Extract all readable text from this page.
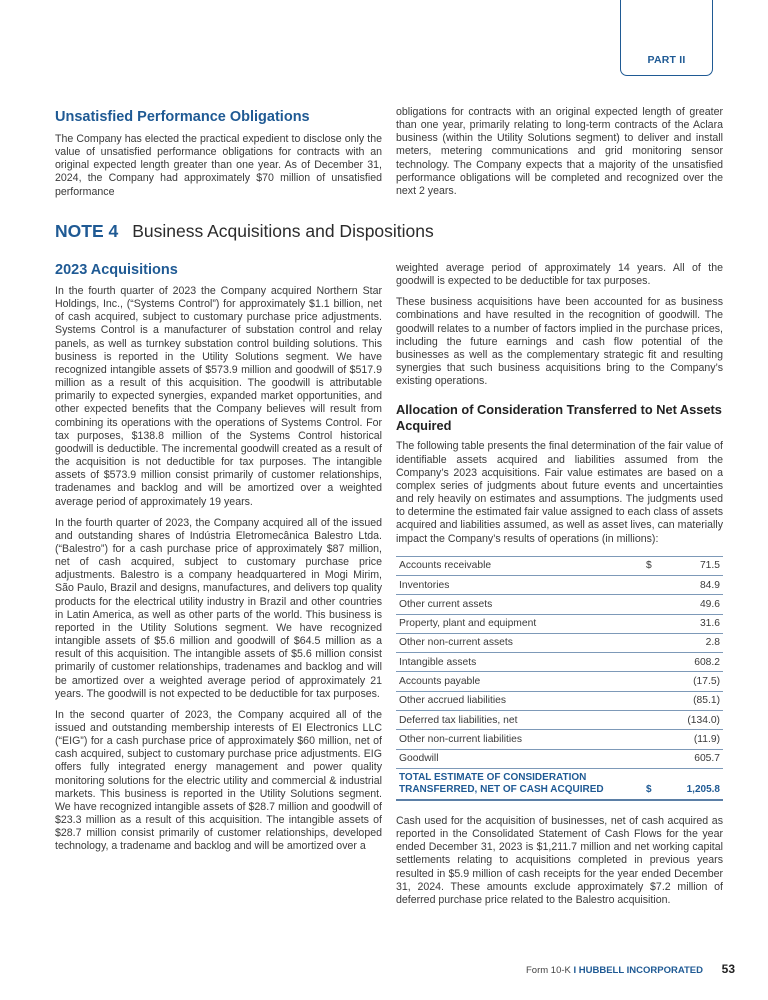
PART II
Unsatisfied Performance Obligations

The Company has elected the practical expedient to disclose only the value of unsatisfied performance obligations for contracts with an original expected length greater than one year. As of December 31, 2024, the Company had approximately $70 million of unsatisfied performance

obligations for contracts with an original expected length of greater than one year, primarily relating to long-term contracts of the Aclara business (within the Utility Solutions segment) to deliver and install meters, metering communications and grid monitoring sensor technology. The Company expects that a majority of the unsatisfied performance obligations will be completed and recognized over the next 2 years.

NOTE 4 Business Acquisitions and Dispositions
2023 Acquisitions

In the fourth quarter of 2023 the Company acquired Northern Star Holdings, Inc., (“Systems Control”) for approximately $1.1 billion, net of cash acquired, subject to customary purchase price adjustments. Systems Control is a manufacturer of substation control and relay panels, as well as turnkey substation control building solutions. This business is reported in the Utility Solutions segment. We have recognized intangible assets of $573.9 million and goodwill of $517.9 million as a result of this acquisition. The goodwill is attributable primarily to expected synergies, expanded market opportunities, and other expected benefits that the Company believes will result from combining its operations with the operations of Systems Control. For tax purposes, $138.8 million of the Systems Control historical goodwill is deductible. The incremental goodwill created as a result of the acquisition is not deductible for tax purposes. The intangible assets of $573.9 million consist primarily of customer relationships, tradenames and backlog and will be amortized over a weighted average period of approximately 19 years.

In the fourth quarter of 2023, the Company acquired all of the issued and outstanding shares of Indústria Eletromecânica Balestro Ltda. (“Balestro”) for a cash purchase price of approximately $87 million, net of cash acquired, subject to customary purchase price adjustments. Balestro is a company headquartered in Mogi Mirim, São Paulo, Brazil and designs, manufactures, and delivers top quality products for the electrical utility industry in Brazil and other countries in Latin America, as well as other parts of the world. This business is reported in the Utility Solutions segment. We have recognized intangible assets of $5.6 million and goodwill of $64.5 million as a result of this acquisition. The intangible assets of $5.6 million consist primarily of customer relationships, tradenames and backlog and will be amortized over a weighted average period of approximately 21 years. The goodwill is not expected to be deductible for tax purposes.

In the second quarter of 2023, the Company acquired all of the issued and outstanding membership interests of EI Electronics LLC (“EIG”) for a cash purchase price of approximately $60 million, net of cash acquired, subject to customary purchase price adjustments. EIG offers fully integrated energy management and power quality monitoring solutions for the electric utility and commercial & industrial markets. This business is reported in the Utility Solutions segment. We have recognized intangible assets of $28.7 million and goodwill of $23.3 million as a result of this acquisition. The intangible assets of $28.7 million consist primarily of customer relationships, developed technology, a tradename and backlog and will be amortized over a

weighted average period of approximately 14 years. All of the goodwill is expected to be deductible for tax purposes.

These business acquisitions have been accounted for as business combinations and have resulted in the recognition of goodwill. The goodwill relates to a number of factors implied in the purchase prices, including the future earnings and cash flow potential of the businesses as well as the complementary strategic fit and resulting synergies that such business acquisitions bring to the Company’s existing operations.

Allocation of Consideration Transferred to Net Assets Acquired

The following table presents the final determination of the fair value of identifiable assets acquired and liabilities assumed from the Company’s 2023 acquisitions. Fair value estimates are based on a complex series of judgments about future events and uncertainties and rely heavily on estimates and assumptions. The judgments used to determine the estimated fair value assigned to each class of assets acquired and liabilities assumed, as well as asset lives, can materially impact the Company’s results of operations (in millions):

Accounts receivable	$	71.5
Inventories		84.9
Other current assets		49.6
Property, plant and equipment		31.6
Other non-current assets		2.8
Intangible assets		608.2
Accounts payable		(17.5)
Other accrued liabilities		(85.1)
Deferred tax liabilities, net		(134.0)
Other non-current liabilities		(11.9)
Goodwill		605.7
TOTAL ESTIMATE OF CONSIDERATION
TRANSFERRED, NET OF CASH ACQUIRED	$	1,205.8

Cash used for the acquisition of businesses, net of cash acquired as reported in the Consolidated Statement of Cash Flows for the year ended December 31, 2023 is $1,211.7 million and net working capital settlements relating to acquisitions completed in previous years resulted in $5.9 million of cash receipts for the year ended December 31, 2024. These amounts exclude approximately $7.2 million of deferred purchase price related to the Balestro acquisition.

Form 10-K I HUBBELL INCORPORATED 53
